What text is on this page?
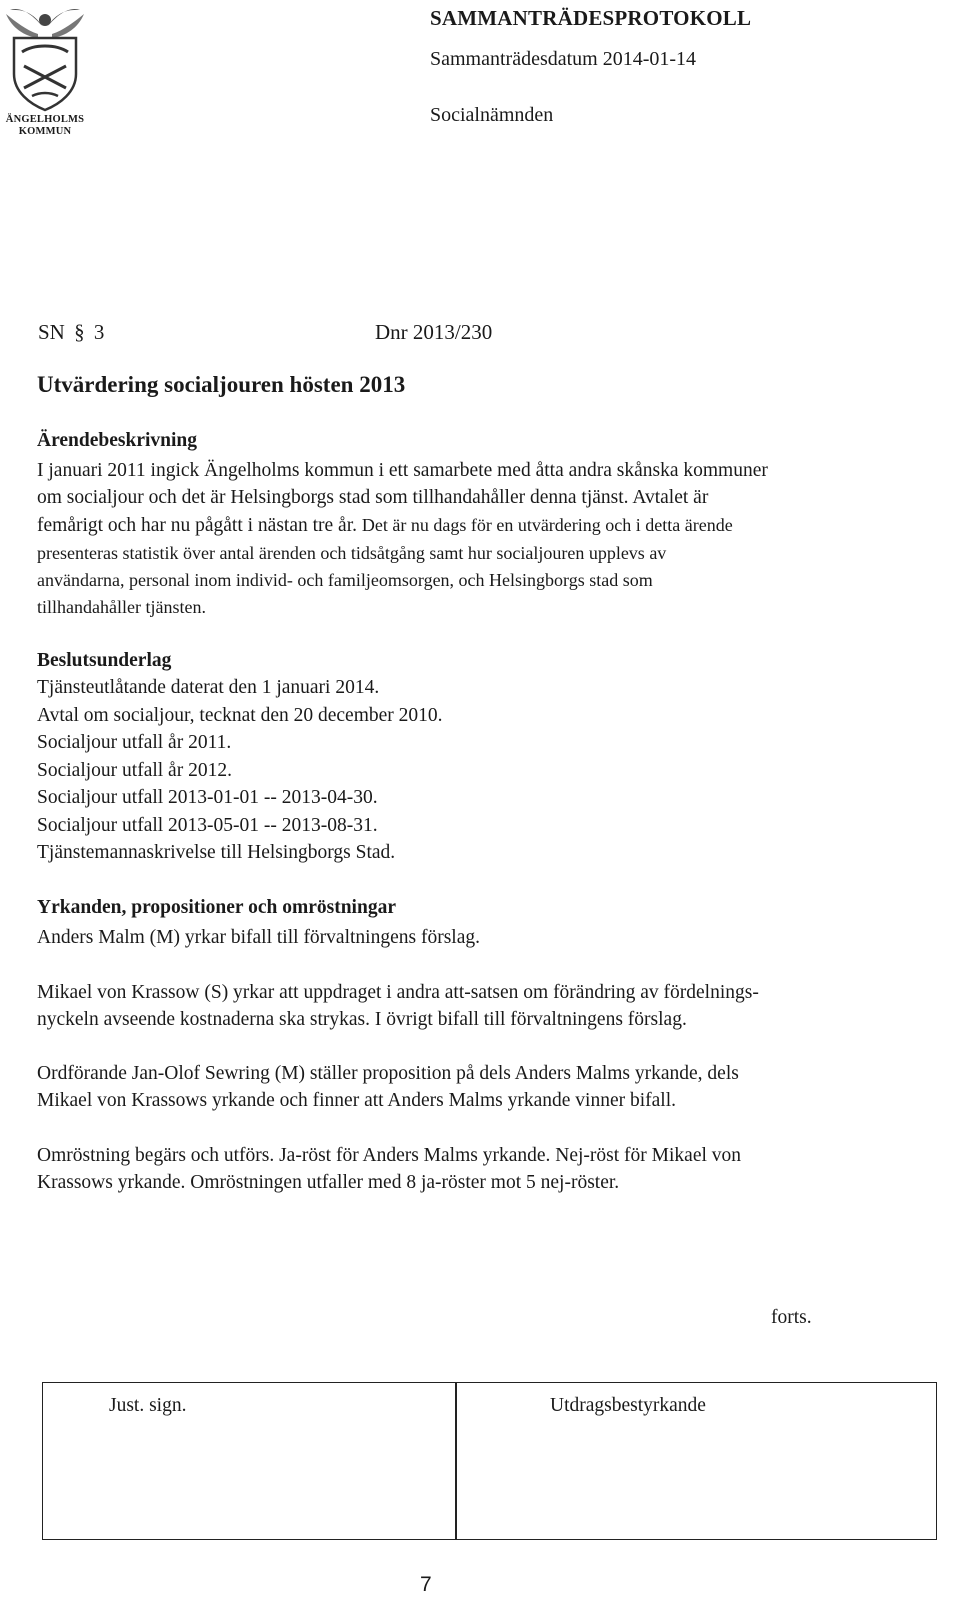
ÄNGELHOLMS
KOMMUN
SAMMANTRÄDESPROTOKOLL
Sammanträdesdatum 2014-01-14
Socialnämnden
SN § 3	Dnr 2013/230
Utvärdering socialjouren hösten 2013
Ärendebeskrivning
I januari 2011 ingick Ängelholms kommun i ett samarbete med åtta andra skånska kommuner
om socialjour och det är Helsingborgs stad som tillhandahåller denna tjänst. Avtalet är
femårigt och har nu pågått i nästan tre år. Det är nu dags för en utvärdering och i detta ärende
presenteras statistik över antal ärenden och tidsåtgång samt hur socialjouren upplevs av
användarna, personal inom individ- och familjeomsorgen, och Helsingborgs stad som
tillhandahåller tjänsten.
Beslutsunderlag
Tjänsteutlåtande daterat den 1 januari 2014.
Avtal om socialjour, tecknat den 20 december 2010.
Socialjour utfall år 2011.
Socialjour utfall år 2012.
Socialjour utfall 2013-01-01 -- 2013-04-30.
Socialjour utfall 2013-05-01 -- 2013-08-31.
Tjänstemannaskrivelse till Helsingborgs Stad.
Yrkanden, propositioner och omröstningar
Anders Malm (M) yrkar bifall till förvaltningens förslag.
Mikael von Krassow (S) yrkar att uppdraget i andra att-satsen om förändring av fördelnings-
nyckeln avseende kostnaderna ska strykas. I övrigt bifall till förvaltningens förslag.
Ordförande Jan-Olof Sewring (M) ställer proposition på dels Anders Malms yrkande, dels
Mikael von Krassows yrkande och finner att Anders Malms yrkande vinner bifall.
Omröstning begärs och utförs. Ja-röst för Anders Malms yrkande. Nej-röst för Mikael von
Krassows yrkande. Omröstningen utfaller med 8 ja-röster mot 5 nej-röster.
forts.
Just. sign.	Utdragsbestyrkande
7
